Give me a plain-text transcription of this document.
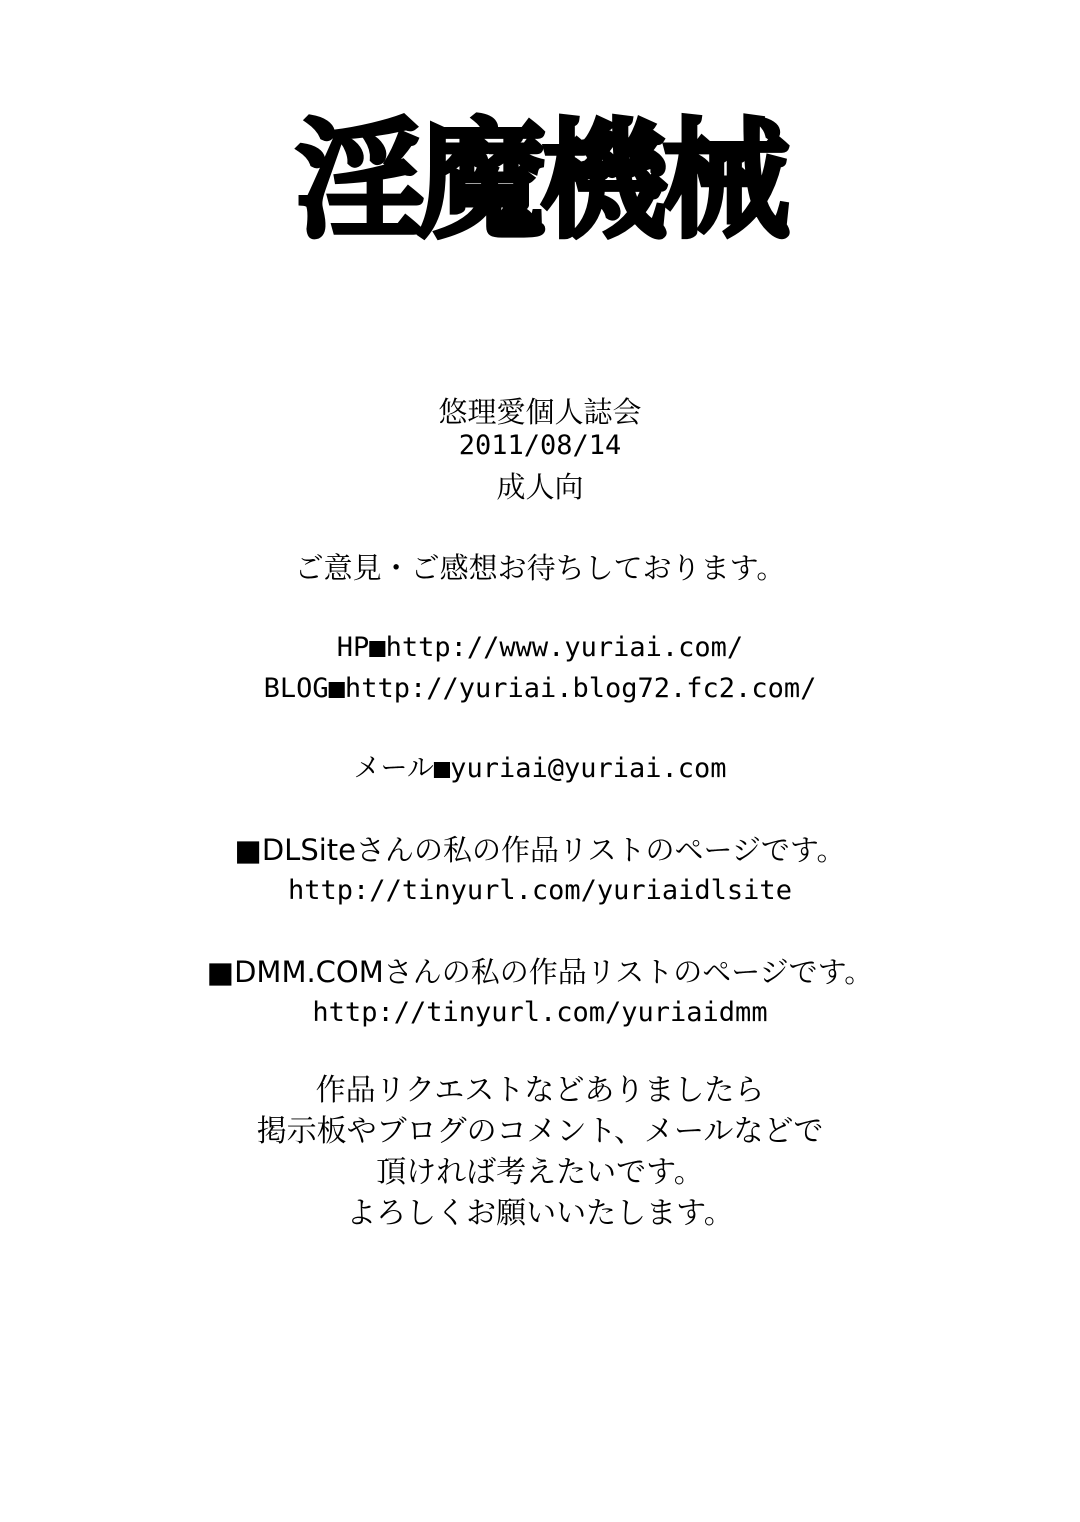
淫魔機械
悠理愛個人誌会
2011/08/14
成人向
ご意見・ご感想お待ちしております。
HP■http://www.yuriai.com/
BLOG■http://yuriai.blog72.fc2.com/
メール■yuriai@yuriai.com
■DLSiteさんの私の作品リストのページです。
http://tinyurl.com/yuriaidlsite
■DMM.COMさんの私の作品リストのページです。
http://tinyurl.com/yuriaidmm
作品リクエストなどありましたら
掲示板やブログのコメント、メールなどで
頂ければ考えたいです。
よろしくお願いいたします。
